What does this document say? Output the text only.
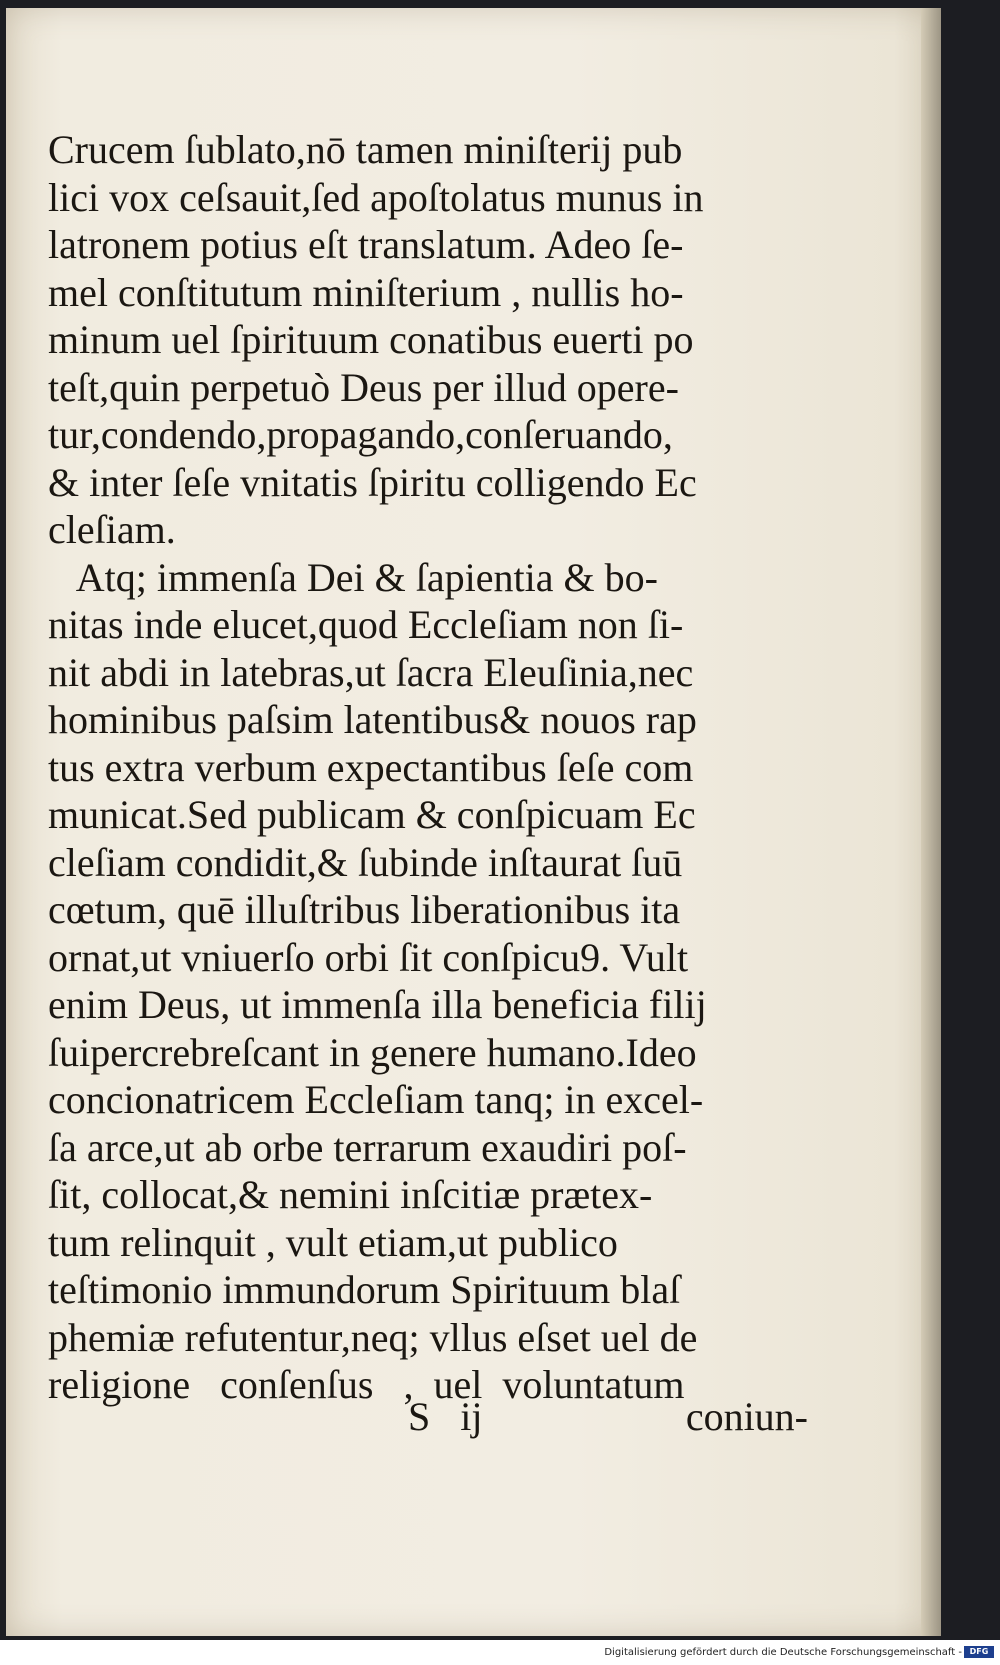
Crucem ſublato,nō tamen miniſterij pub
lici vox ceſsauit,ſed apoſtolatus munus in
latronem potius eſt translatum. Adeo ſe-
mel conſtitutum miniſterium , nullis ho-
minum uel ſpirituum conatibus euerti po
teſt,quin perpetuò Deus per illud opere-
tur,condendo,propagando,conſeruando,
& inter ſeſe vnitatis ſpiritu colligendo Ec
cleſiam.
Atq; immenſa Dei & ſapientia & bo-
nitas inde elucet,quod Eccleſiam non ſi-
nit abdi in latebras,ut ſacra Eleuſinia,nec
hominibus paſsim latentibus& nouos rap
tus extra verbum expectantibus ſeſe com
municat.Sed publicam & conſpicuam Ec
cleſiam condidit,& ſubinde inſtaurat ſuū
cœtum, quē illuſtribus liberationibus ita
ornat,ut vniuerſo orbi ſit conſpicu9. Vult
enim Deus, ut immenſa illa beneficia filij
ſuipercrebreſcant in genere humano.Ideo
concionatricem Eccleſiam tanq; in excel-
ſa arce,ut ab orbe terrarum exaudiri poſ-
ſit, collocat,& nemini inſcitiæ prætex-
tum relinquit , vult etiam,ut publico
teſtimonio immundorum Spirituum blaſ
phemiæ refutentur,neq; vllus eſset uel de
religione   conſenſus   ,  uel  voluntatum
S   ij	coniun-
Digitalisierung gefördert durch die Deutsche Forschungsgemeinschaft - DFG
